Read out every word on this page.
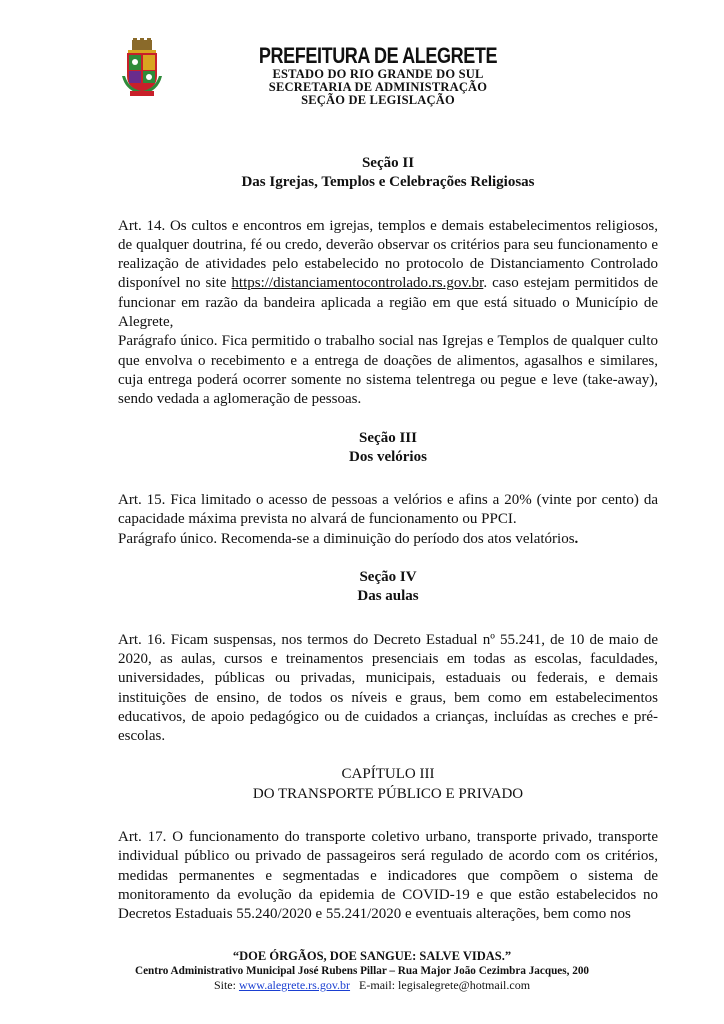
PREFEITURA DE ALEGRETE
ESTADO DO RIO GRANDE DO SUL
SECRETARIA DE ADMINISTRAÇÃO
SEÇÃO DE LEGISLAÇÃO

Seção II

Das Igrejas, Templos e Celebrações Religiosas

Art. 14. Os cultos e encontros em igrejas, templos e demais estabelecimentos religiosos, de qualquer doutrina, fé ou credo, deverão observar os critérios para seu funcionamento e realização de atividades pelo estabelecido no protocolo de Distanciamento Controlado disponível no site https://distanciamentocontrolado.rs.gov.br. caso estejam permitidos de funcionar em razão da bandeira aplicada a região em que está situado o Município de Alegrete,

Parágrafo único. Fica permitido o trabalho social nas Igrejas e Templos de qualquer culto que envolva o recebimento e a entrega de doações de alimentos, agasalhos e similares, cuja entrega poderá ocorrer somente no sistema telentrega ou pegue e leve (take-away), sendo vedada a aglomeração de pessoas.

Seção III

Dos velórios

Art. 15. Fica limitado o acesso de pessoas a velórios e afins a 20% (vinte por cento) da capacidade máxima prevista no alvará de funcionamento ou PPCI.

Parágrafo único. Recomenda-se a diminuição do período dos atos velatórios.

Seção IV

Das aulas

Art. 16. Ficam suspensas, nos termos do Decreto Estadual nº 55.241, de 10 de maio de 2020, as aulas, cursos e treinamentos presenciais em todas as escolas, faculdades, universidades, públicas ou privadas, municipais, estaduais ou federais, e demais instituições de ensino, de todos os níveis e graus, bem como em estabelecimentos educativos, de apoio pedagógico ou de cuidados a crianças, incluídas as creches e pré-escolas.

CAPÍTULO III

DO TRANSPORTE PÚBLICO E PRIVADO

Art. 17. O funcionamento do transporte coletivo urbano, transporte privado, transporte individual público ou privado de passageiros será regulado de acordo com os critérios, medidas permanentes e segmentadas e indicadores que compõem o sistema de monitoramento da evolução da epidemia de COVID-19 e que estão estabelecidos no Decretos Estaduais 55.240/2020 e 55.241/2020 e eventuais alterações, bem como nos

“DOE ÓRGÃOS, DOE SANGUE: SALVE VIDAS.”
Centro Administrativo Municipal José Rubens Pillar – Rua Major João Cezimbra Jacques, 200
Site: www.alegrete.rs.gov.br   E-mail: legisalegrete@hotmail.com
